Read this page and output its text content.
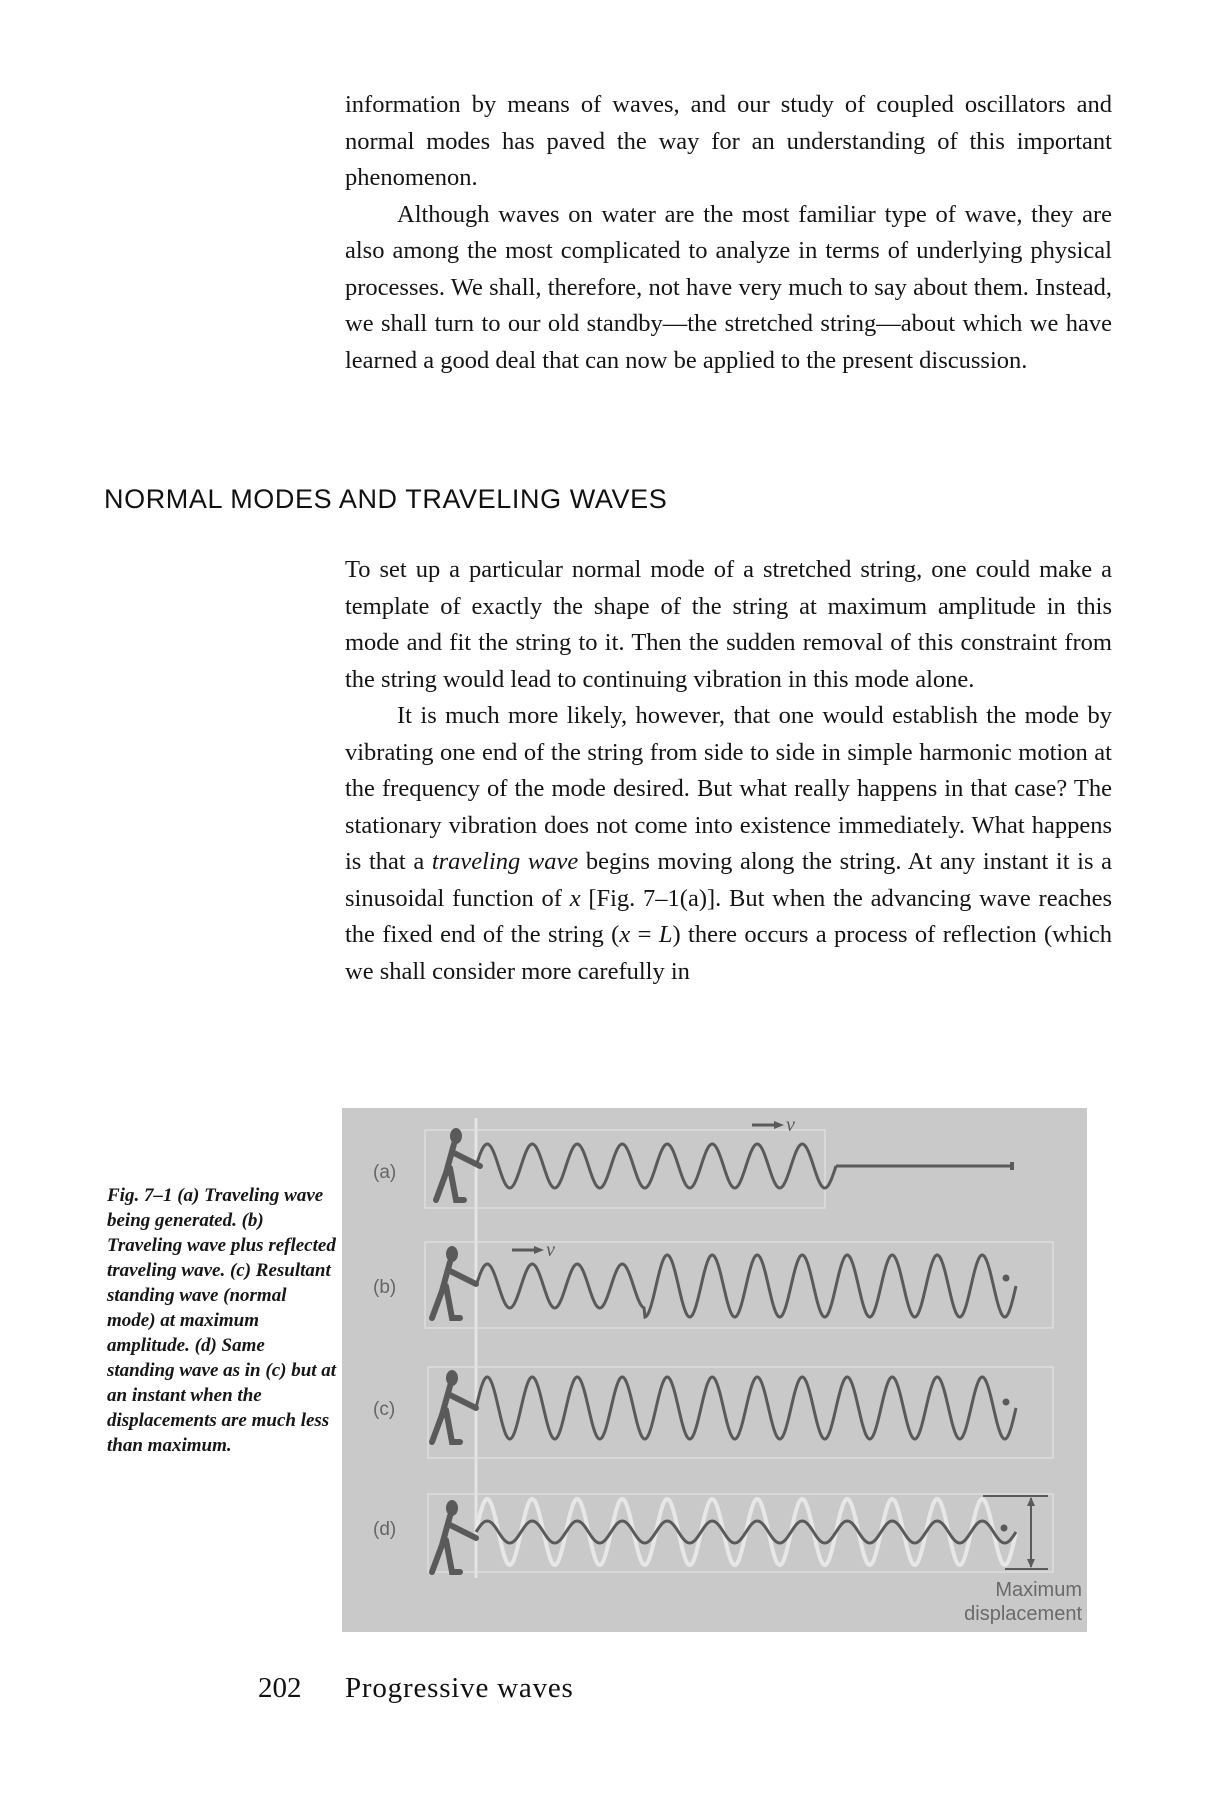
information by means of waves, and our study of coupled oscillators and normal modes has paved the way for an understanding of this important phenomenon.

Although waves on water are the most familiar type of wave, they are also among the most complicated to analyze in terms of underlying physical processes. We shall, therefore, not have very much to say about them. Instead, we shall turn to our old standby—the stretched string—about which we have learned a good deal that can now be applied to the present discussion.

NORMAL MODES AND TRAVELING WAVES

To set up a particular normal mode of a stretched string, one could make a template of exactly the shape of the string at maximum amplitude in this mode and fit the string to it. Then the sudden removal of this constraint from the string would lead to continuing vibration in this mode alone.

It is much more likely, however, that one would establish the mode by vibrating one end of the string from side to side in simple harmonic motion at the frequency of the mode desired. But what really happens in that case? The stationary vibration does not come into existence immediately. What happens is that a traveling wave begins moving along the string. At any instant it is a sinusoidal function of x [Fig. 7–1(a)]. But when the advancing wave reaches the fixed end of the string (x = L) there occurs a process of reflection (which we shall consider more carefully in

Fig. 7–1 (a) Traveling wave being generated. (b) Traveling wave plus reflected traveling wave. (c) Resultant standing wave (normal mode) at maximum amplitude. (d) Same standing wave as in (c) but at an instant when the displacements are much less than maximum.
v
v
(a)
(b)
(c)
(d)
Maximum
displacement
202 Progressive waves
